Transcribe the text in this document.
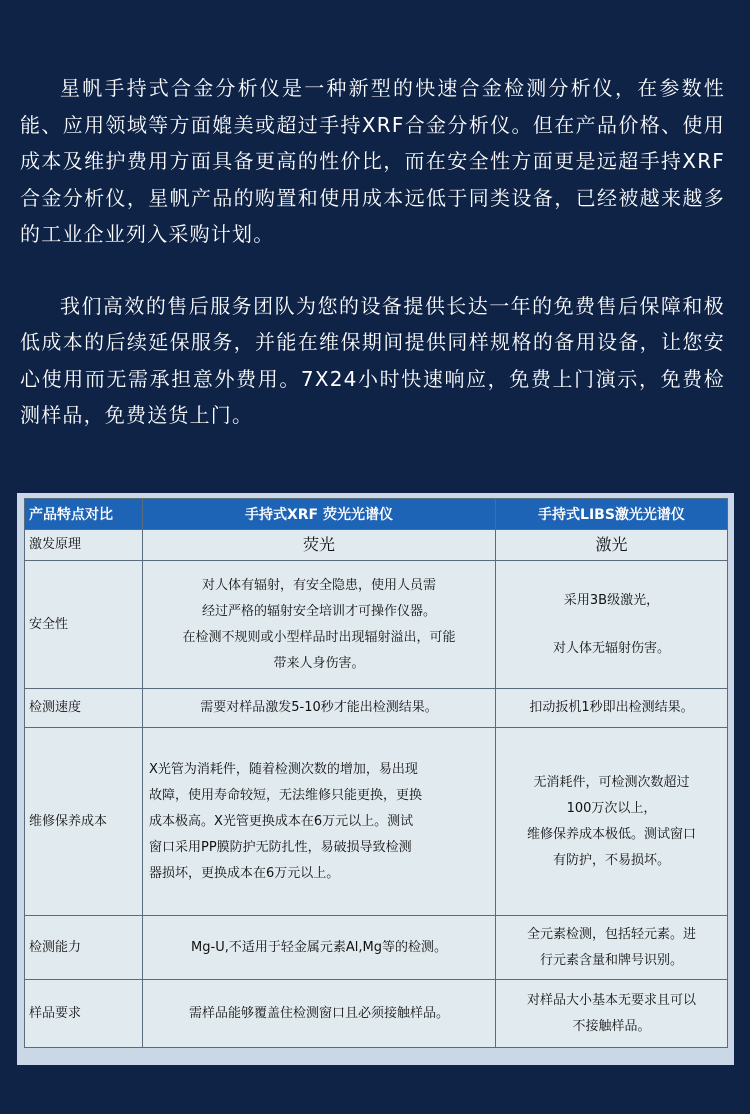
星帆手持式合金分析仪是一种新型的快速合金检测分析仪，在参数性能、应用领域等方面媲美或超过手持XRF合金分析仪。但在产品价格、使用成本及维护费用方面具备更高的性价比，而在安全性方面更是远超手持XRF合金分析仪，星帆产品的购置和使用成本远低于同类设备，已经被越来越多的工业企业列入采购计划。

我们高效的售后服务团队为您的设备提供长达一年的免费售后保障和极低成本的后续延保服务，并能在维保期间提供同样规格的备用设备，让您安心使用而无需承担意外费用。7X24小时快速响应，免费上门演示，免费检测样品，免费送货上门。

产品特点对比	手持式XRF 荧光光谱仪	手持式LIBS激光光谱仪
激发原理	荧光	激光
安全性	对人体有辐射，有安全隐患，使用人员需
经过严格的辐射安全培训才可操作仪器。
在检测不规则或小型样品时出现辐射溢出，可能
带来人身伤害。	采用3B级激光，
对人体无辐射伤害。

检测速度	需要对样品激发5-10秒才能出检测结果。	扣动扳机1秒即出检测结果。
维修保养成本	X光管为消耗件，随着检测次数的增加，易出现
故障，使用寿命较短，无法维修只能更换，更换
成本极高。X光管更换成本在6万元以上。测试
窗口采用PP膜防护无防扎性，易破损导致检测
器损坏，更换成本在6万元以上。	无消耗件，可检测次数超过
100万次以上，
维修保养成本极低。测试窗口
有防护，不易损坏。

检测能力	Mg-U,不适用于轻金属元素Al,Mg等的检测。	全元素检测，包括轻元素。进
行元素含量和牌号识别。

样品要求	需样品能够覆盖住检测窗口且必须接触样品。	对样品大小基本无要求且可以
不接触样品。
